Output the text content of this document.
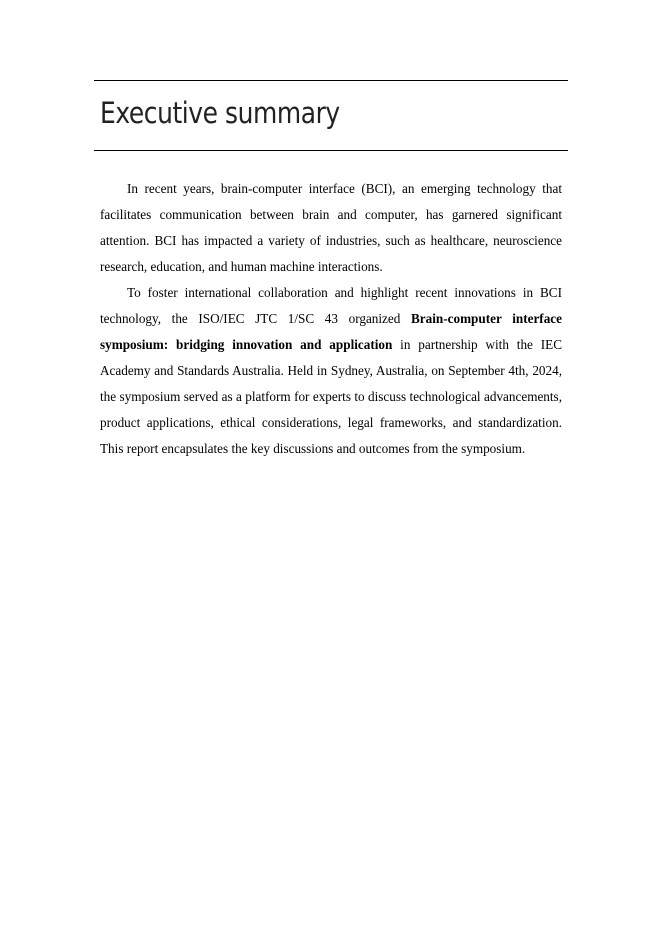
Executive summary

In recent years, brain-computer interface (BCI), an emerging technology that facilitates communication between brain and computer, has garnered significant attention. BCI has impacted a variety of industries, such as healthcare, neuroscience research, education, and human machine interactions.

To foster international collaboration and highlight recent innovations in BCI technology, the ISO/IEC JTC 1/SC 43 organized Brain-computer interface symposium: bridging innovation and application in partnership with the IEC Academy and Standards Australia. Held in Sydney, Australia, on September 4th, 2024, the symposium served as a platform for experts to discuss technological advancements, product applications, ethical considerations, legal frameworks, and standardization. This report encapsulates the key discussions and outcomes from the symposium.
